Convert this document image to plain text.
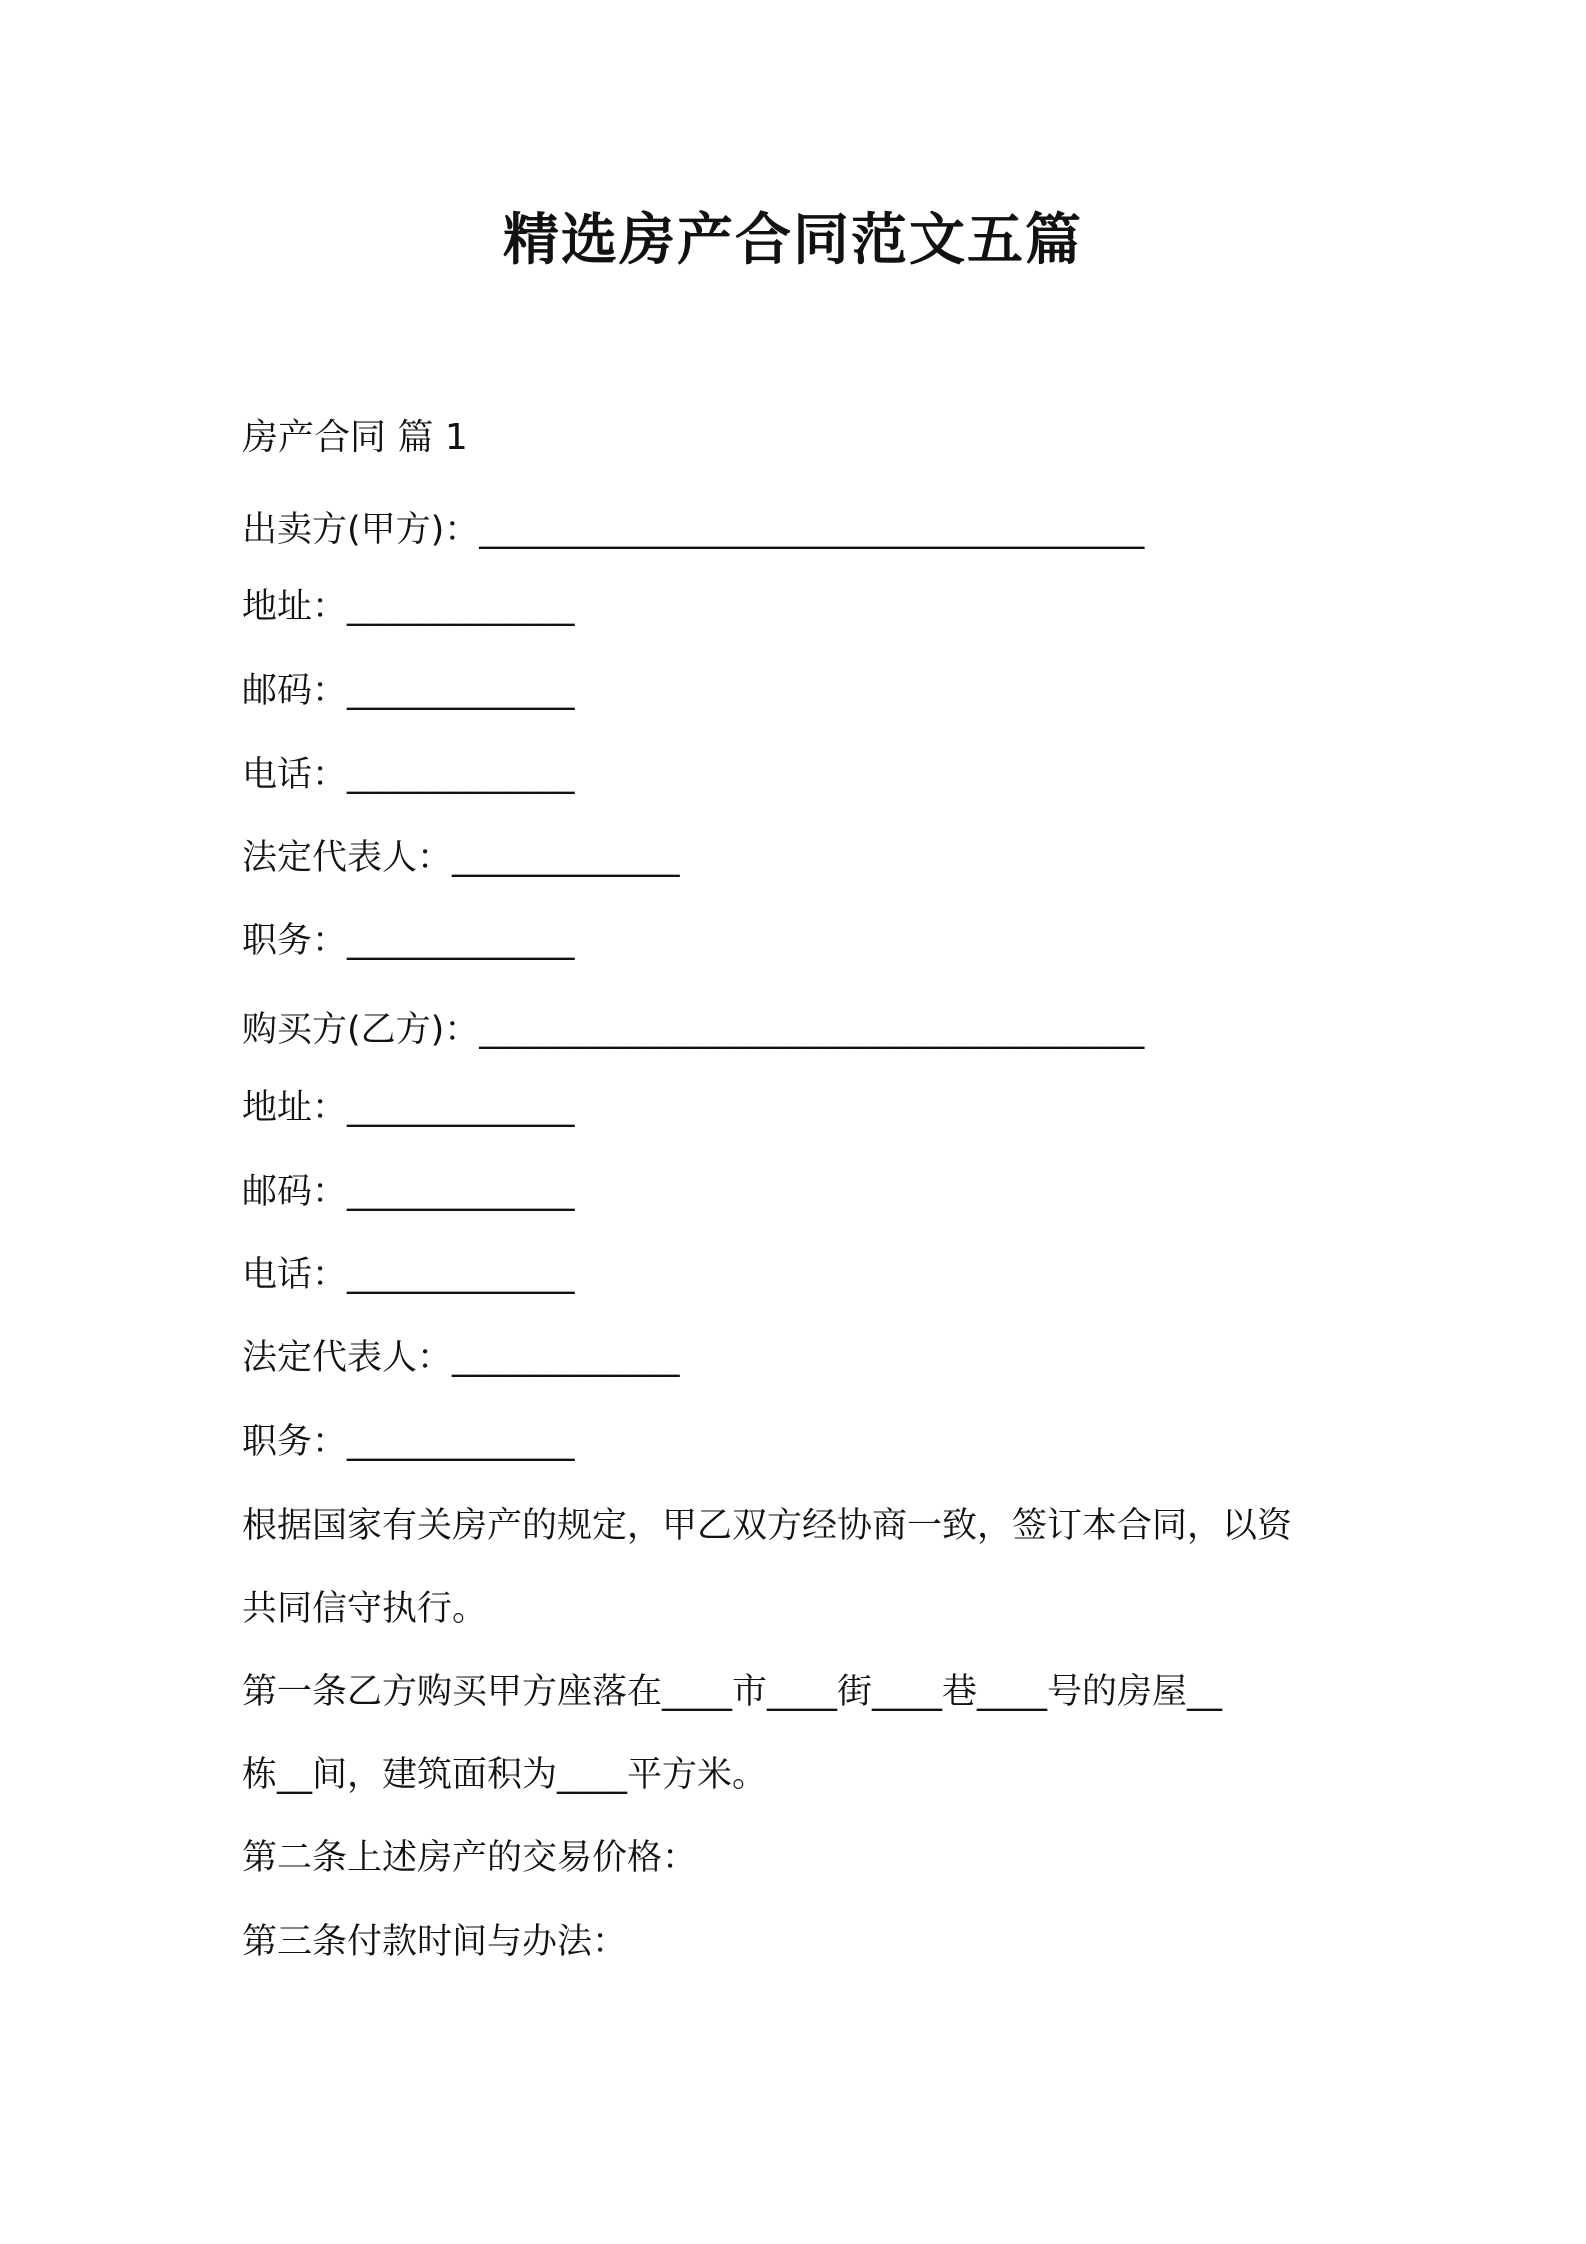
精选房产合同范文五篇
房产合同 篇 1
出卖方(甲方)：______________________________________
地址：_____________
邮码：_____________
电话：_____________
法定代表人：_____________
职务：_____________
购买方(乙方)：______________________________________
地址：_____________
邮码：_____________
电话：_____________
法定代表人：_____________
职务：_____________
根据国家有关房产的规定，甲乙双方经协商一致，签订本合同，以资
共同信守执行。
第一条乙方购买甲方座落在____市____街____巷____号的房屋__
栋__间，建筑面积为____平方米。
第二条上述房产的交易价格：
第三条付款时间与办法：
